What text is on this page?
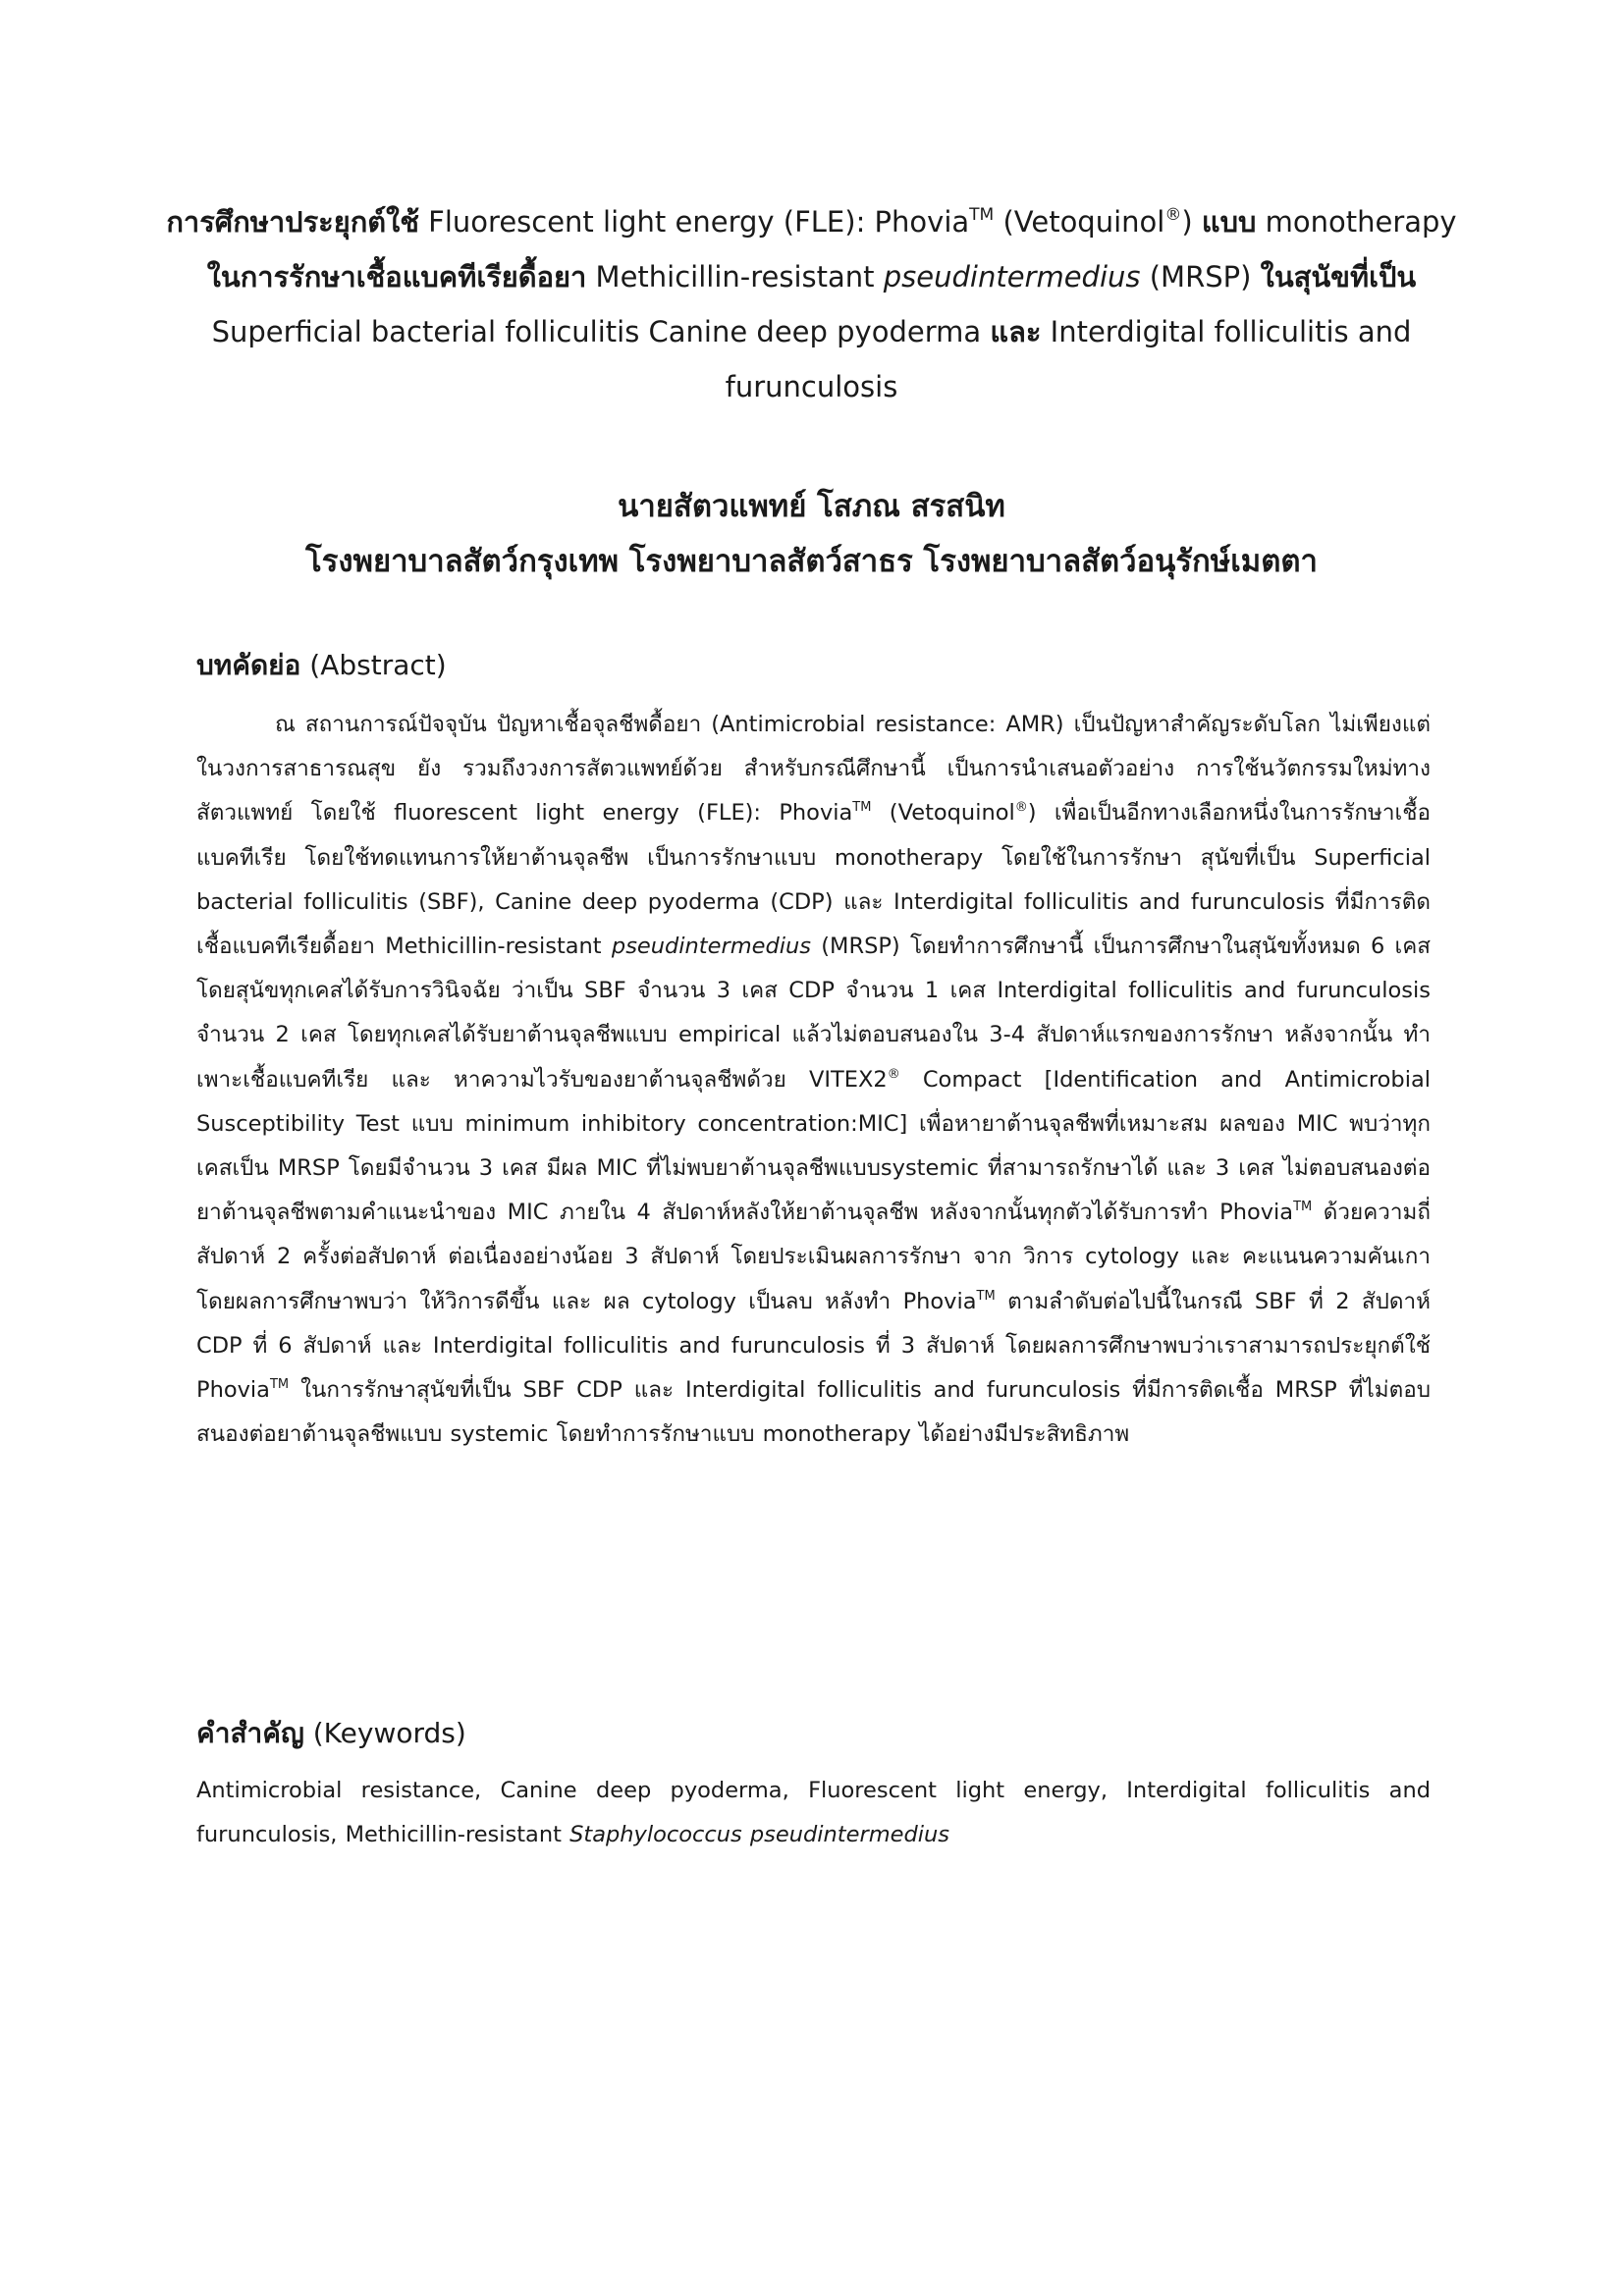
การศึกษาประยุกต์ใช้ Fluorescent light energy (FLE): Phovia™ (Vetoquinol®) แบบ monotherapy
ในการรักษาเชื้อแบคทีเรียดื้อยา Methicillin-resistant pseudintermedius (MRSP) ในสุนัขที่เป็น
Superficial bacterial folliculitis Canine deep pyoderma และ Interdigital folliculitis and
furunculosis
นายสัตวแพทย์ โสภณ สรสนิท
โรงพยาบาลสัตว์กรุงเทพ โรงพยาบาลสัตว์สาธร โรงพยาบาลสัตว์อนุรักษ์เมตตา
บทคัดย่อ (Abstract)
ณ สถานการณ์ปัจจุบัน ปัญหาเชื้อจุลชีพดื้อยา (Antimicrobial resistance: AMR) เป็นปัญหาสำคัญระดับโลก ไม่เพียงแต่ในวงการสาธารณสุข ยัง รวมถึงวงการสัตวแพทย์ด้วย สำหรับกรณีศึกษานี้ เป็นการนำเสนอตัวอย่าง การใช้นวัตกรรมใหม่ทางสัตวแพทย์ โดยใช้ fluorescent light energy (FLE): Phovia™ (Vetoquinol®) เพื่อเป็นอีกทางเลือกหนึ่งในการรักษาเชื้อแบคทีเรีย โดยใช้ทดแทนการให้ยาต้านจุลชีพ เป็นการรักษาแบบ monotherapy โดยใช้ในการรักษา สุนัขที่เป็น Superficial bacterial folliculitis (SBF), Canine deep pyoderma (CDP) และ Interdigital folliculitis and furunculosis ที่มีการติดเชื้อแบคทีเรียดื้อยา Methicillin-resistant pseudintermedius (MRSP) โดยทำการศึกษานี้ เป็นการศึกษาในสุนัขทั้งหมด 6 เคส โดยสุนัขทุกเคสได้รับการวินิจฉัย ว่าเป็น SBF จำนวน 3 เคส CDP จำนวน 1 เคส Interdigital folliculitis and furunculosis จำนวน 2 เคส โดยทุกเคสได้รับยาต้านจุลชีพแบบ empirical แล้วไม่ตอบสนองใน 3-4 สัปดาห์แรกของการรักษา หลังจากนั้น ทำเพาะเชื้อแบคทีเรีย และ หาความไวรับของยาต้านจุลชีพด้วย VITEX2® Compact [Identification and Antimicrobial Susceptibility Test แบบ minimum inhibitory concentration:MIC] เพื่อหายาต้านจุลชีพที่เหมาะสม ผลของ MIC พบว่าทุกเคสเป็น MRSP โดยมีจำนวน 3 เคส มีผล MIC ที่ไม่พบยาต้านจุลชีพแบบsystemic ที่สามารถรักษาได้ และ 3 เคส ไม่ตอบสนองต่อยาต้านจุลชีพตามคำแนะนำของ MIC ภายใน 4 สัปดาห์หลังให้ยาต้านจุลชีพ หลังจากนั้นทุกตัวได้รับการทำ Phovia™ ด้วยความถี่สัปดาห์ 2 ครั้งต่อสัปดาห์ ต่อเนื่องอย่างน้อย 3 สัปดาห์ โดยประเมินผลการรักษา จาก วิการ cytology และ คะแนนความคันเกา โดยผลการศึกษาพบว่า ให้วิการดีขึ้น และ ผล cytology เป็นลบ หลังทำ Phovia™ ตามลำดับต่อไปนี้ในกรณี SBF ที่ 2 สัปดาห์ CDP ที่ 6 สัปดาห์ และ Interdigital folliculitis and furunculosis ที่ 3 สัปดาห์ โดยผลการศึกษาพบว่าเราสามารถประยุกต์ใช้ Phovia™ ในการรักษาสุนัขที่เป็น SBF CDP และ Interdigital folliculitis and furunculosis ที่มีการติดเชื้อ MRSP ที่ไม่ตอบสนองต่อยาต้านจุลชีพแบบ systemic โดยทำการรักษาแบบ monotherapy ได้อย่างมีประสิทธิภาพ
คำสำคัญ (Keywords)
Antimicrobial resistance, Canine deep pyoderma, Fluorescent light energy, Interdigital folliculitis and furunculosis, Methicillin-resistant Staphylococcus pseudintermedius
